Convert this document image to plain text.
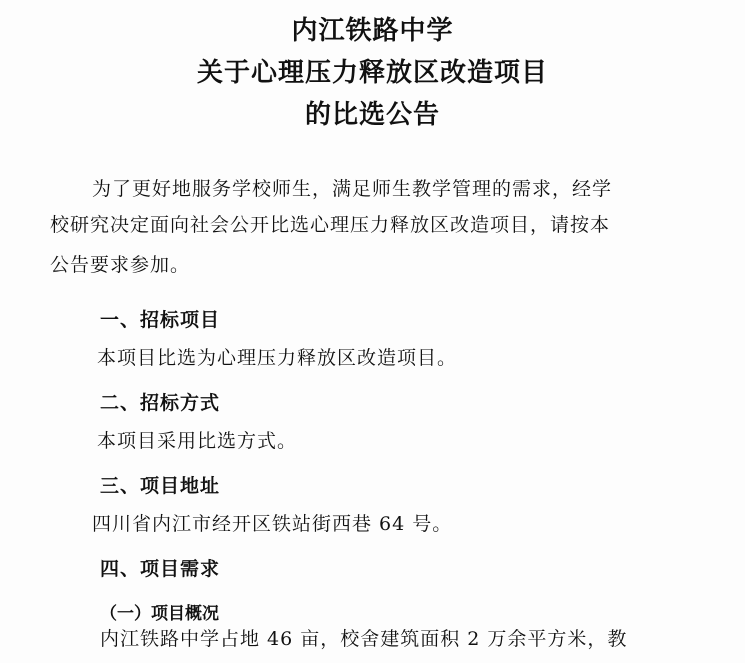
内江铁路中学
关于心理压力释放区改造项目
的比选公告
为了更好地服务学校师生，满足师生教学管理的需求，经学
校研究决定面向社会公开比选心理压力释放区改造项目，请按本
公告要求参加。
一、招标项目
本项目比选为心理压力释放区改造项目。
二、招标方式
本项目采用比选方式。
三、项目地址
四川省内江市经开区铁站街西巷 64 号。
四、项目需求
（一）项目概况
内江铁路中学占地 46 亩，校舍建筑面积 2 万余平方米，教
